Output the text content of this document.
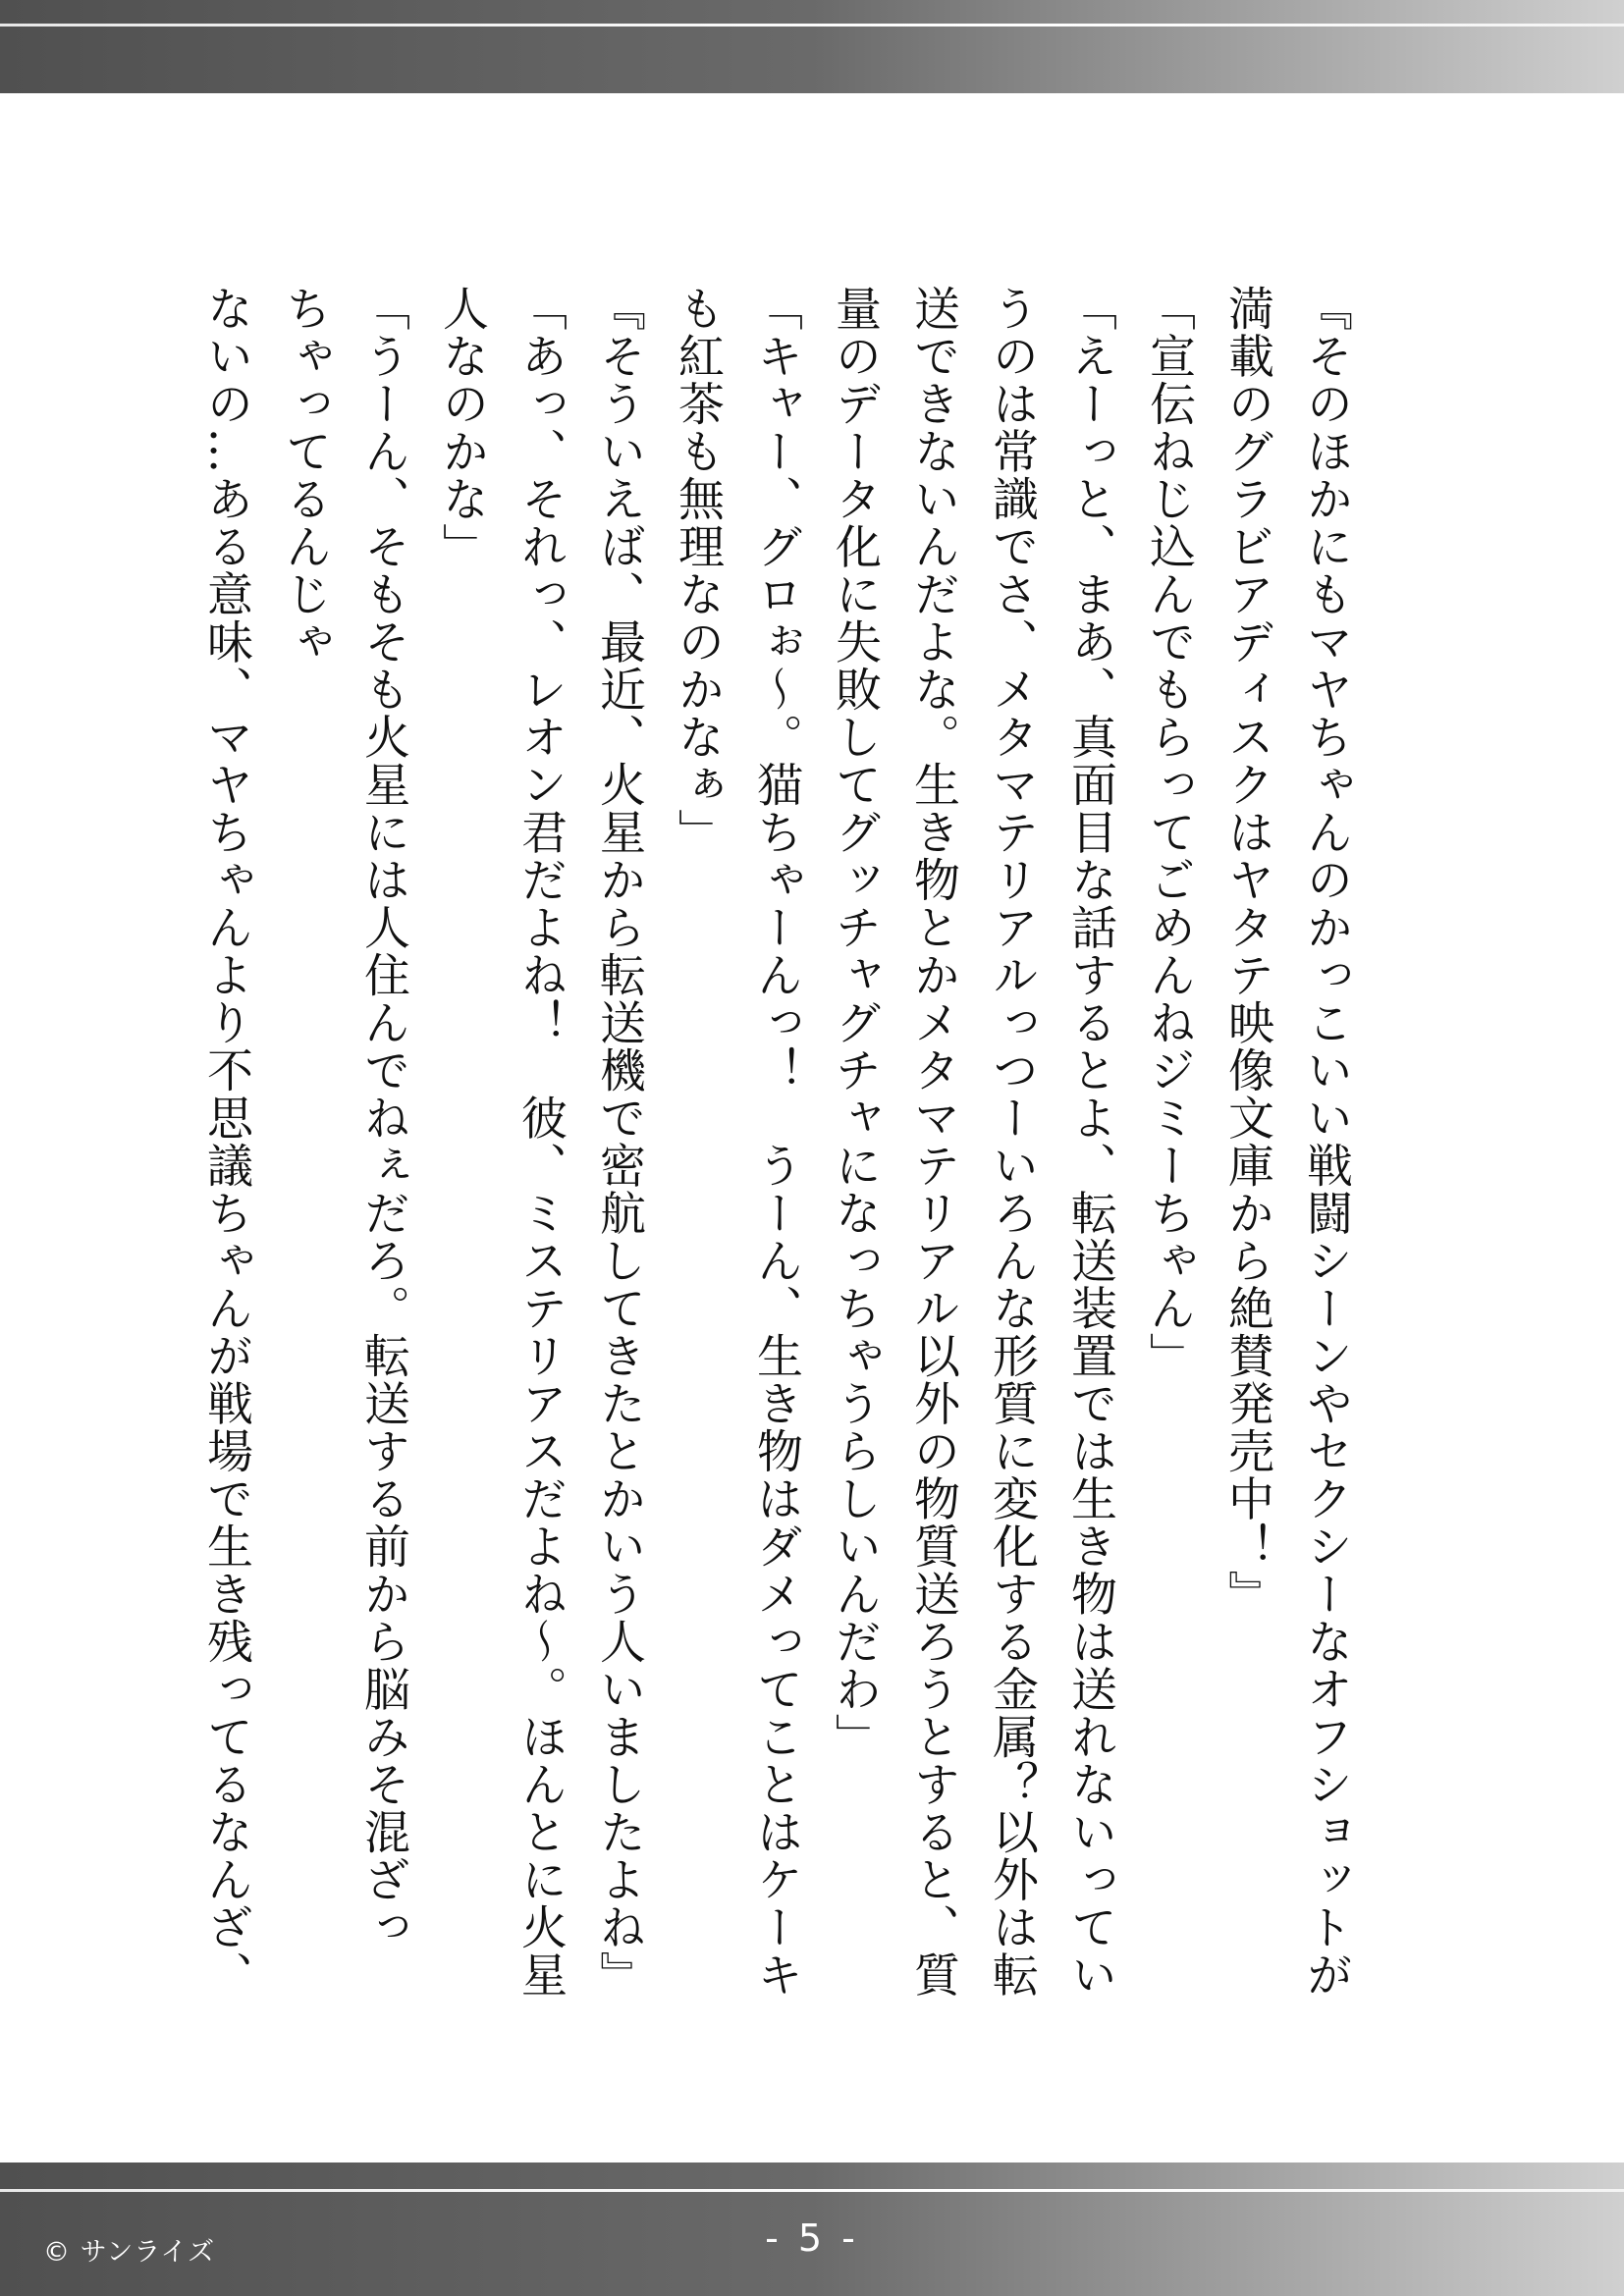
『そのほかにもマヤちゃんのかっこいい戦闘シーンやセクシーなオフショットが
満載のグラビアディスクはヤタテ映像文庫から絶賛発売中！』
「宣伝ねじ込んでもらってごめんねジミーちゃん」
「えーっと、まあ、真面目な話するとよ、転送装置では生き物は送れないってい
うのは常識でさ、メタマテリアルっつーいろんな形質に変化する金属？以外は転
送できないんだよな。生き物とかメタマテリアル以外の物質送ろうとすると、質
量のデータ化に失敗してグッチャグチャになっちゃうらしいんだわ」
「キャー、グロぉ～。猫ちゃーんっ！　うーん、生き物はダメってことはケーキ
も紅茶も無理なのかなぁ」
『そういえば、最近、火星から転送機で密航してきたとかいう人いましたよね』
「あっ、それっ、レオン君だよね！　彼、ミステリアスだよね～。ほんとに火星
人なのかな」
「うーん、そもそも火星には人住んでねぇだろ。転送する前から脳みそ混ざっ
ちゃってるんじゃ
ないの…ある意味、マヤちゃんより不思議ちゃんが戦場で生き残ってるなんざ、
© サンライズ	- 5 -
